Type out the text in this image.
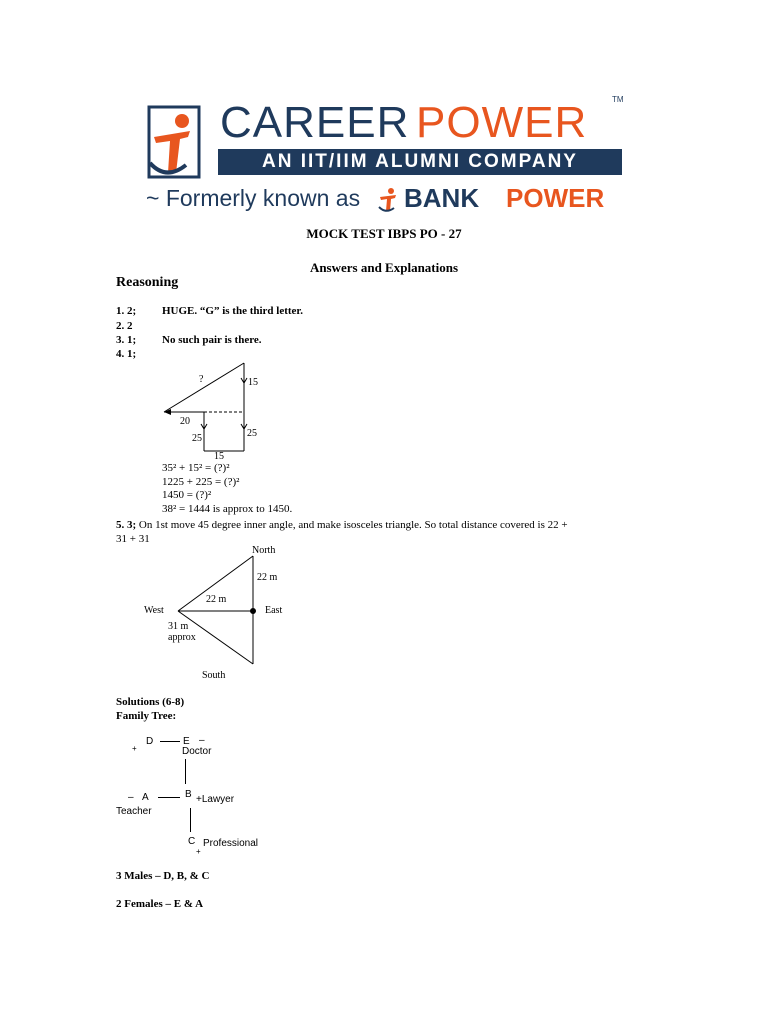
CAREER POWER	TM
AN IIT/IIM ALUMNI COMPANY
~ Formerly known as BANK POWER
MOCK TEST IBPS PO - 27
Answers and Explanations
Reasoning
1. 2; HUGE. “G” is the third letter.
2. 2
3. 1; No such pair is there.
4. 1;
?	15
20
25	25
15
35² + 15² = (?)²
1225 + 225 = (?)²
1450 = (?)²
38² = 1444 is approx to 1450.
5. 3; On 1st move 45 degree inner angle, and make isosceles triangle. So total distance covered is 22 +
31 + 31
North
22 m
22 m
West	East
31 m
approx
South
Solutions (6-8)
Family Tree:
+
D	E –
Doctor
– A	B +Lawyer
Teacher
C Professional
+
3 Males – D, B, & C
2 Females – E & A
